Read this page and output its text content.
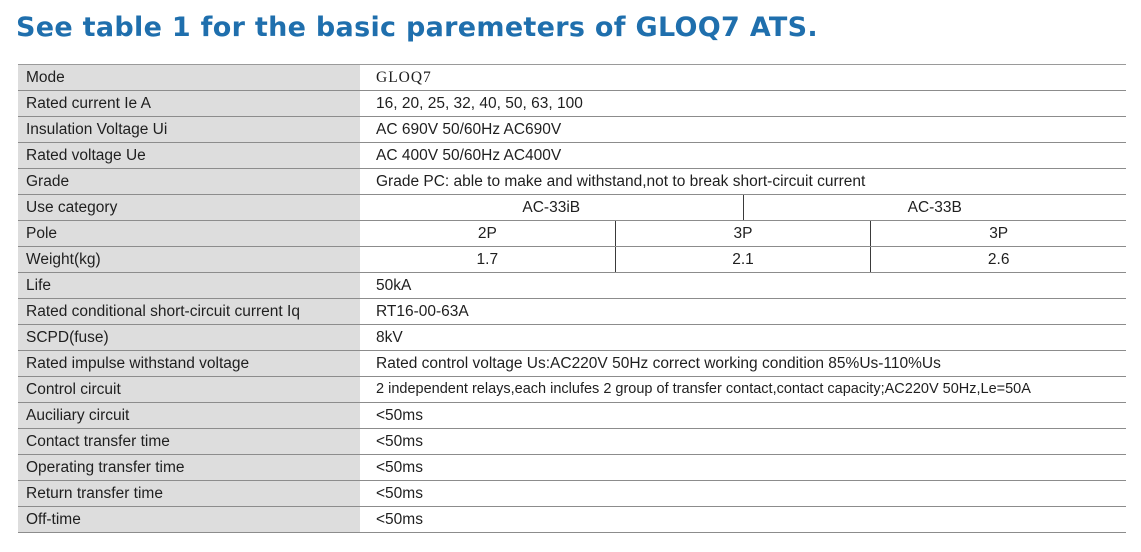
See table 1 for the basic paremeters of GLOQ7 ATS.
Mode	GLOQ7
Rated current Ie A	16, 20, 25, 32, 40, 50, 63, 100
Insulation Voltage Ui	AC 690V 50/60Hz AC690V
Rated voltage Ue	AC 400V 50/60Hz AC400V
Grade	Grade PC: able to make and withstand,not to break short-circuit current
Use category	AC-33iB	AC-33B
Pole	2P	3P	3P
Weight(kg)	1.7	2.1	2.6
Life	50kA
Rated conditional short-circuit current Iq	RT16-00-63A
SCPD(fuse)	8kV
Rated impulse withstand voltage	Rated control voltage Us:AC220V 50Hz correct working condition 85%Us-110%Us
Control circuit	2 independent relays,each inclufes 2 group of transfer contact,contact capacity;AC220V 50Hz,Le=50A
Auciliary circuit	<50ms
Contact transfer time	<50ms
Operating transfer time	<50ms
Return transfer time	<50ms
Off-time	<50ms
